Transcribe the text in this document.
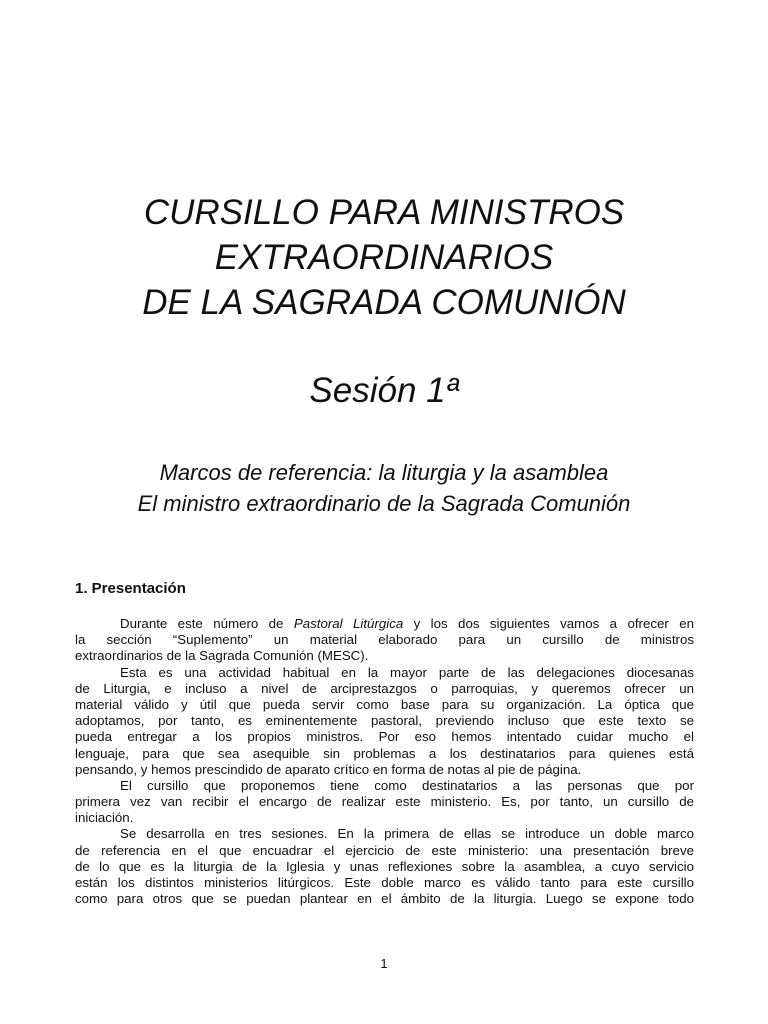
CURSILLO PARA MINISTROS
EXTRAORDINARIOS
DE LA SAGRADA COMUNIÓN
Sesión 1ª
Marcos de referencia: la liturgia y la asamblea
El ministro extraordinario de la Sagrada Comunión
1. Presentación
Durante este número de Pastoral Litúrgica y los dos siguientes vamos a ofrecer en
la sección “Suplemento” un material elaborado para un cursillo de ministros
extraordinarios de la Sagrada Comunión (MESC).
Esta es una actividad habitual en la mayor parte de las delegaciones diocesanas
de Liturgia, e incluso a nivel de arciprestazgos o parroquias, y queremos ofrecer un
material válido y útil que pueda servir como base para su organización. La óptica que
adoptamos, por tanto, es eminentemente pastoral, previendo incluso que este texto se
pueda entregar a los propios ministros. Por eso hemos intentado cuidar mucho el
lenguaje, para que sea asequible sin problemas a los destinatarios para quienes está
pensando, y hemos prescindido de aparato crítico en forma de notas al pie de página.
El cursillo que proponemos tiene como destinatarios a las personas que por
primera vez van recibir el encargo de realizar este ministerio. Es, por tanto, un cursillo de
iniciación.
Se desarrolla en tres sesiones. En la primera de ellas se introduce un doble marco
de referencia en el que encuadrar el ejercicio de este ministerio: una presentación breve
de lo que es la liturgia de la Iglesia y unas reflexiones sobre la asamblea, a cuyo servicio
están los distintos ministerios litúrgicos. Este doble marco es válido tanto para este cursillo
como para otros que se puedan plantear en el ámbito de la liturgia. Luego se expone todo
1
